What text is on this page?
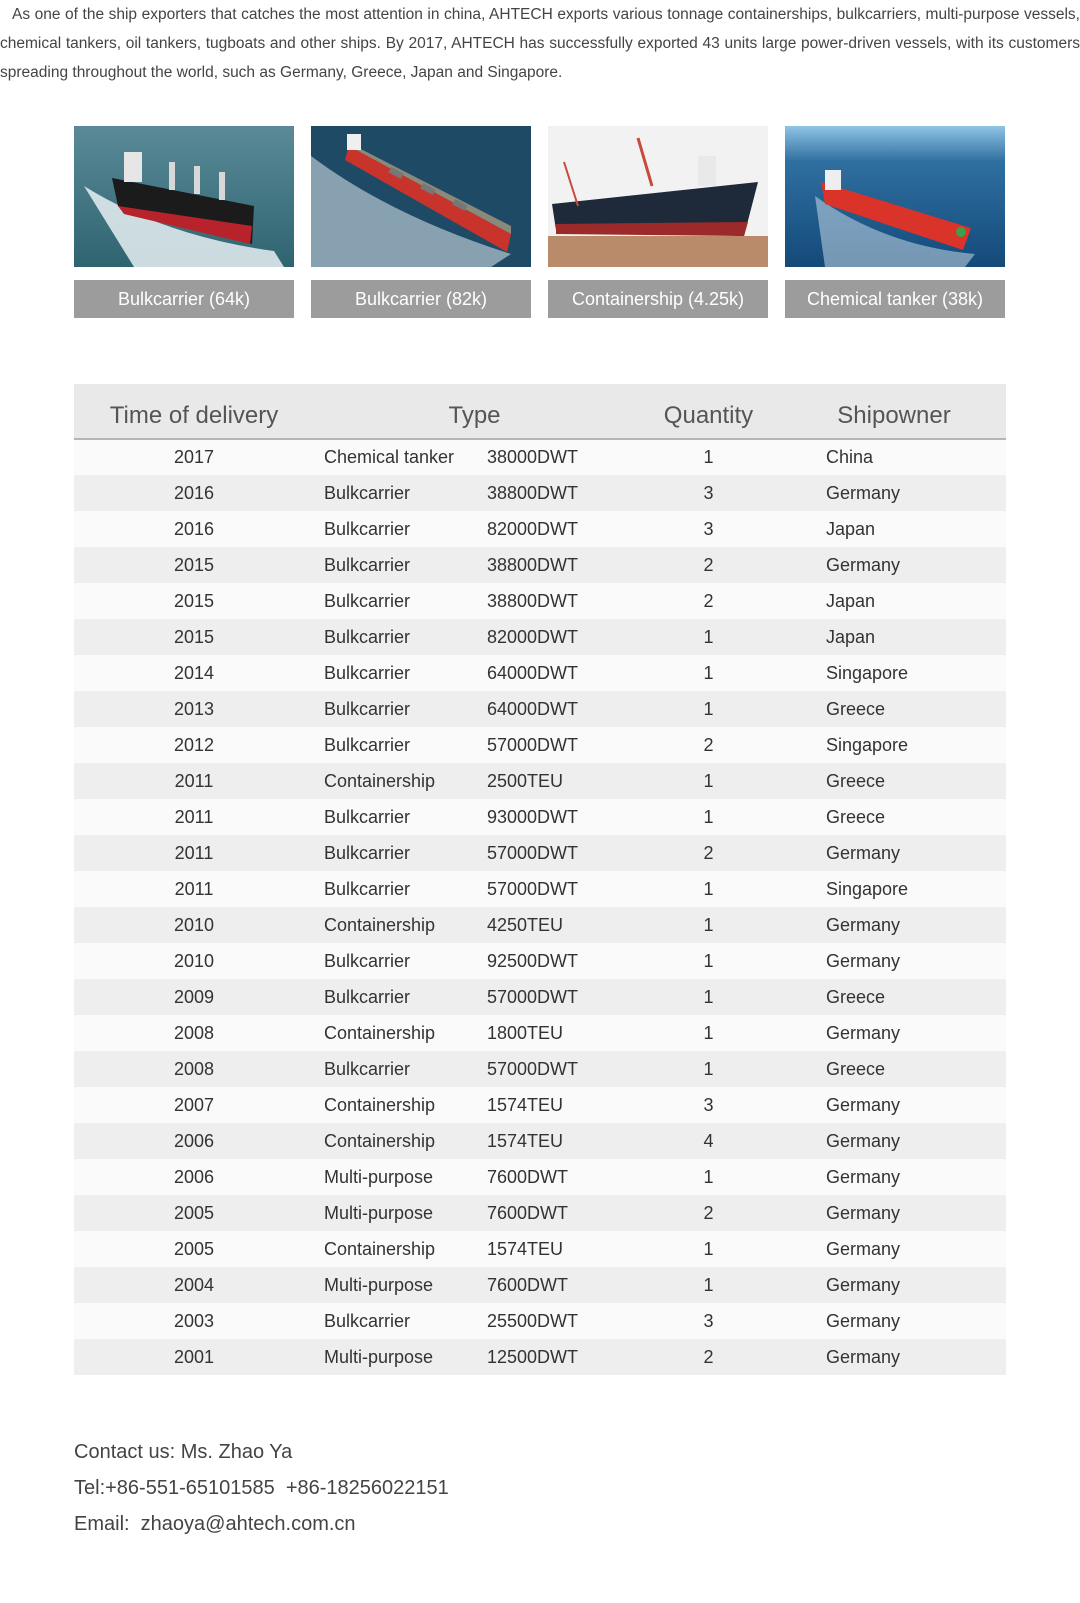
As one of the ship exporters that catches the most attention in china, AHTECH exports various tonnage containerships, bulkcarriers, multi-purpose vessels, chemical tankers, oil tankers, tugboats and other ships. By 2017, AHTECH has successfully exported 43 units large power-driven vessels, with its customers spreading throughout the world, such as Germany, Greece, Japan and Singapore.

Bulkcarrier (64k)	Bulkcarrier (82k)	Containership (4.25k)	Chemical tanker (38k)
Time of delivery	Type		Quantity	Shipowner
2017	Chemical tanker	38000DWT	1	China
2016	Bulkcarrier	38800DWT	3	Germany
2016	Bulkcarrier	82000DWT	3	Japan
2015	Bulkcarrier	38800DWT	2	Germany
2015	Bulkcarrier	38800DWT	2	Japan
2015	Bulkcarrier	82000DWT	1	Japan
2014	Bulkcarrier	64000DWT	1	Singapore
2013	Bulkcarrier	64000DWT	1	Greece
2012	Bulkcarrier	57000DWT	2	Singapore
2011	Containership	2500TEU	1	Greece
2011	Bulkcarrier	93000DWT	1	Greece
2011	Bulkcarrier	57000DWT	2	Germany
2011	Bulkcarrier	57000DWT	1	Singapore
2010	Containership	4250TEU	1	Germany
2010	Bulkcarrier	92500DWT	1	Germany
2009	Bulkcarrier	57000DWT	1	Greece
2008	Containership	1800TEU	1	Germany
2008	Bulkcarrier	57000DWT	1	Greece
2007	Containership	1574TEU	3	Germany
2006	Containership	1574TEU	4	Germany
2006	Multi-purpose	7600DWT	1	Germany
2005	Multi-purpose	7600DWT	2	Germany
2005	Containership	1574TEU	1	Germany
2004	Multi-purpose	7600DWT	1	Germany
2003	Bulkcarrier	25500DWT	3	Germany
2001	Multi-purpose	12500DWT	2	Germany
Contact us: Ms. Zhao Ya
Tel:+86-551-65101585  +86-18256022151
Email:  zhaoya@ahtech.com.cn
